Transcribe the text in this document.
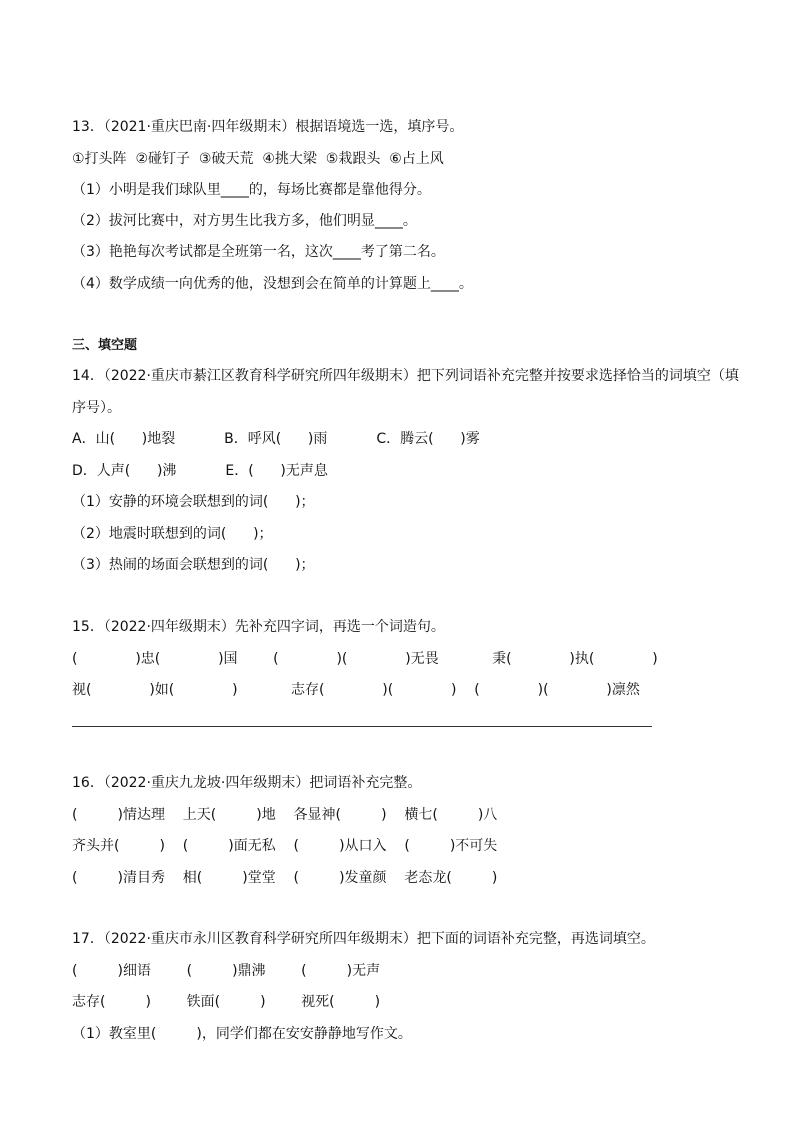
13．（2021·重庆巴南·四年级期末）根据语境选一选，填序号。
①打头阵  ②碰钉子  ③破天荒  ④挑大梁  ⑤栽跟头  ⑥占上风
（1）小明是我们球队里____的，每场比赛都是靠他得分。
（2）拔河比赛中，对方男生比我方多，他们明显____。
（3）艳艳每次考试都是全班第一名，这次____考了第二名。
（4）数学成绩一向优秀的他，没想到会在简单的计算题上____。
三、填空题
14．（2022·重庆市綦江区教育科学研究所四年级期末）把下列词语补充完整并按要求选择恰当的词填空（填
序号）。
A．山(      )地裂           B．呼风(      )雨           C．腾云(      )雾
D．人声(      )沸           E．(      )无声息
（1）安静的环境会联想到的词(      )；
（2）地震时联想到的词(      )；
（3）热闹的场面会联想到的词(      )；
15．（2022·四年级期末）先补充四字词，再选一个词造句。
(             )忠(             )国        (             )(             )无畏            秉(             )执(             )
视(             )如(             )            志存(             )(             )    (             )(             )凛然
16．（2022·重庆九龙坡·四年级期末）把词语补充完整。
(         )情达理    上天(         )地    各显神(         )    横七(         )八
齐头并(         )    (         )面无私    (         )从口入    (         )不可失
(         )清目秀    相(         )堂堂    (         )发童颜    老态龙(         )
17．（2022·重庆市永川区教育科学研究所四年级期末）把下面的词语补充完整，再选词填空。
(         )细语        (         )鼎沸        (         )无声
志存(         )        铁面(         )        视死(         )
（1）教室里(         )，同学们都在安安静静地写作文。
